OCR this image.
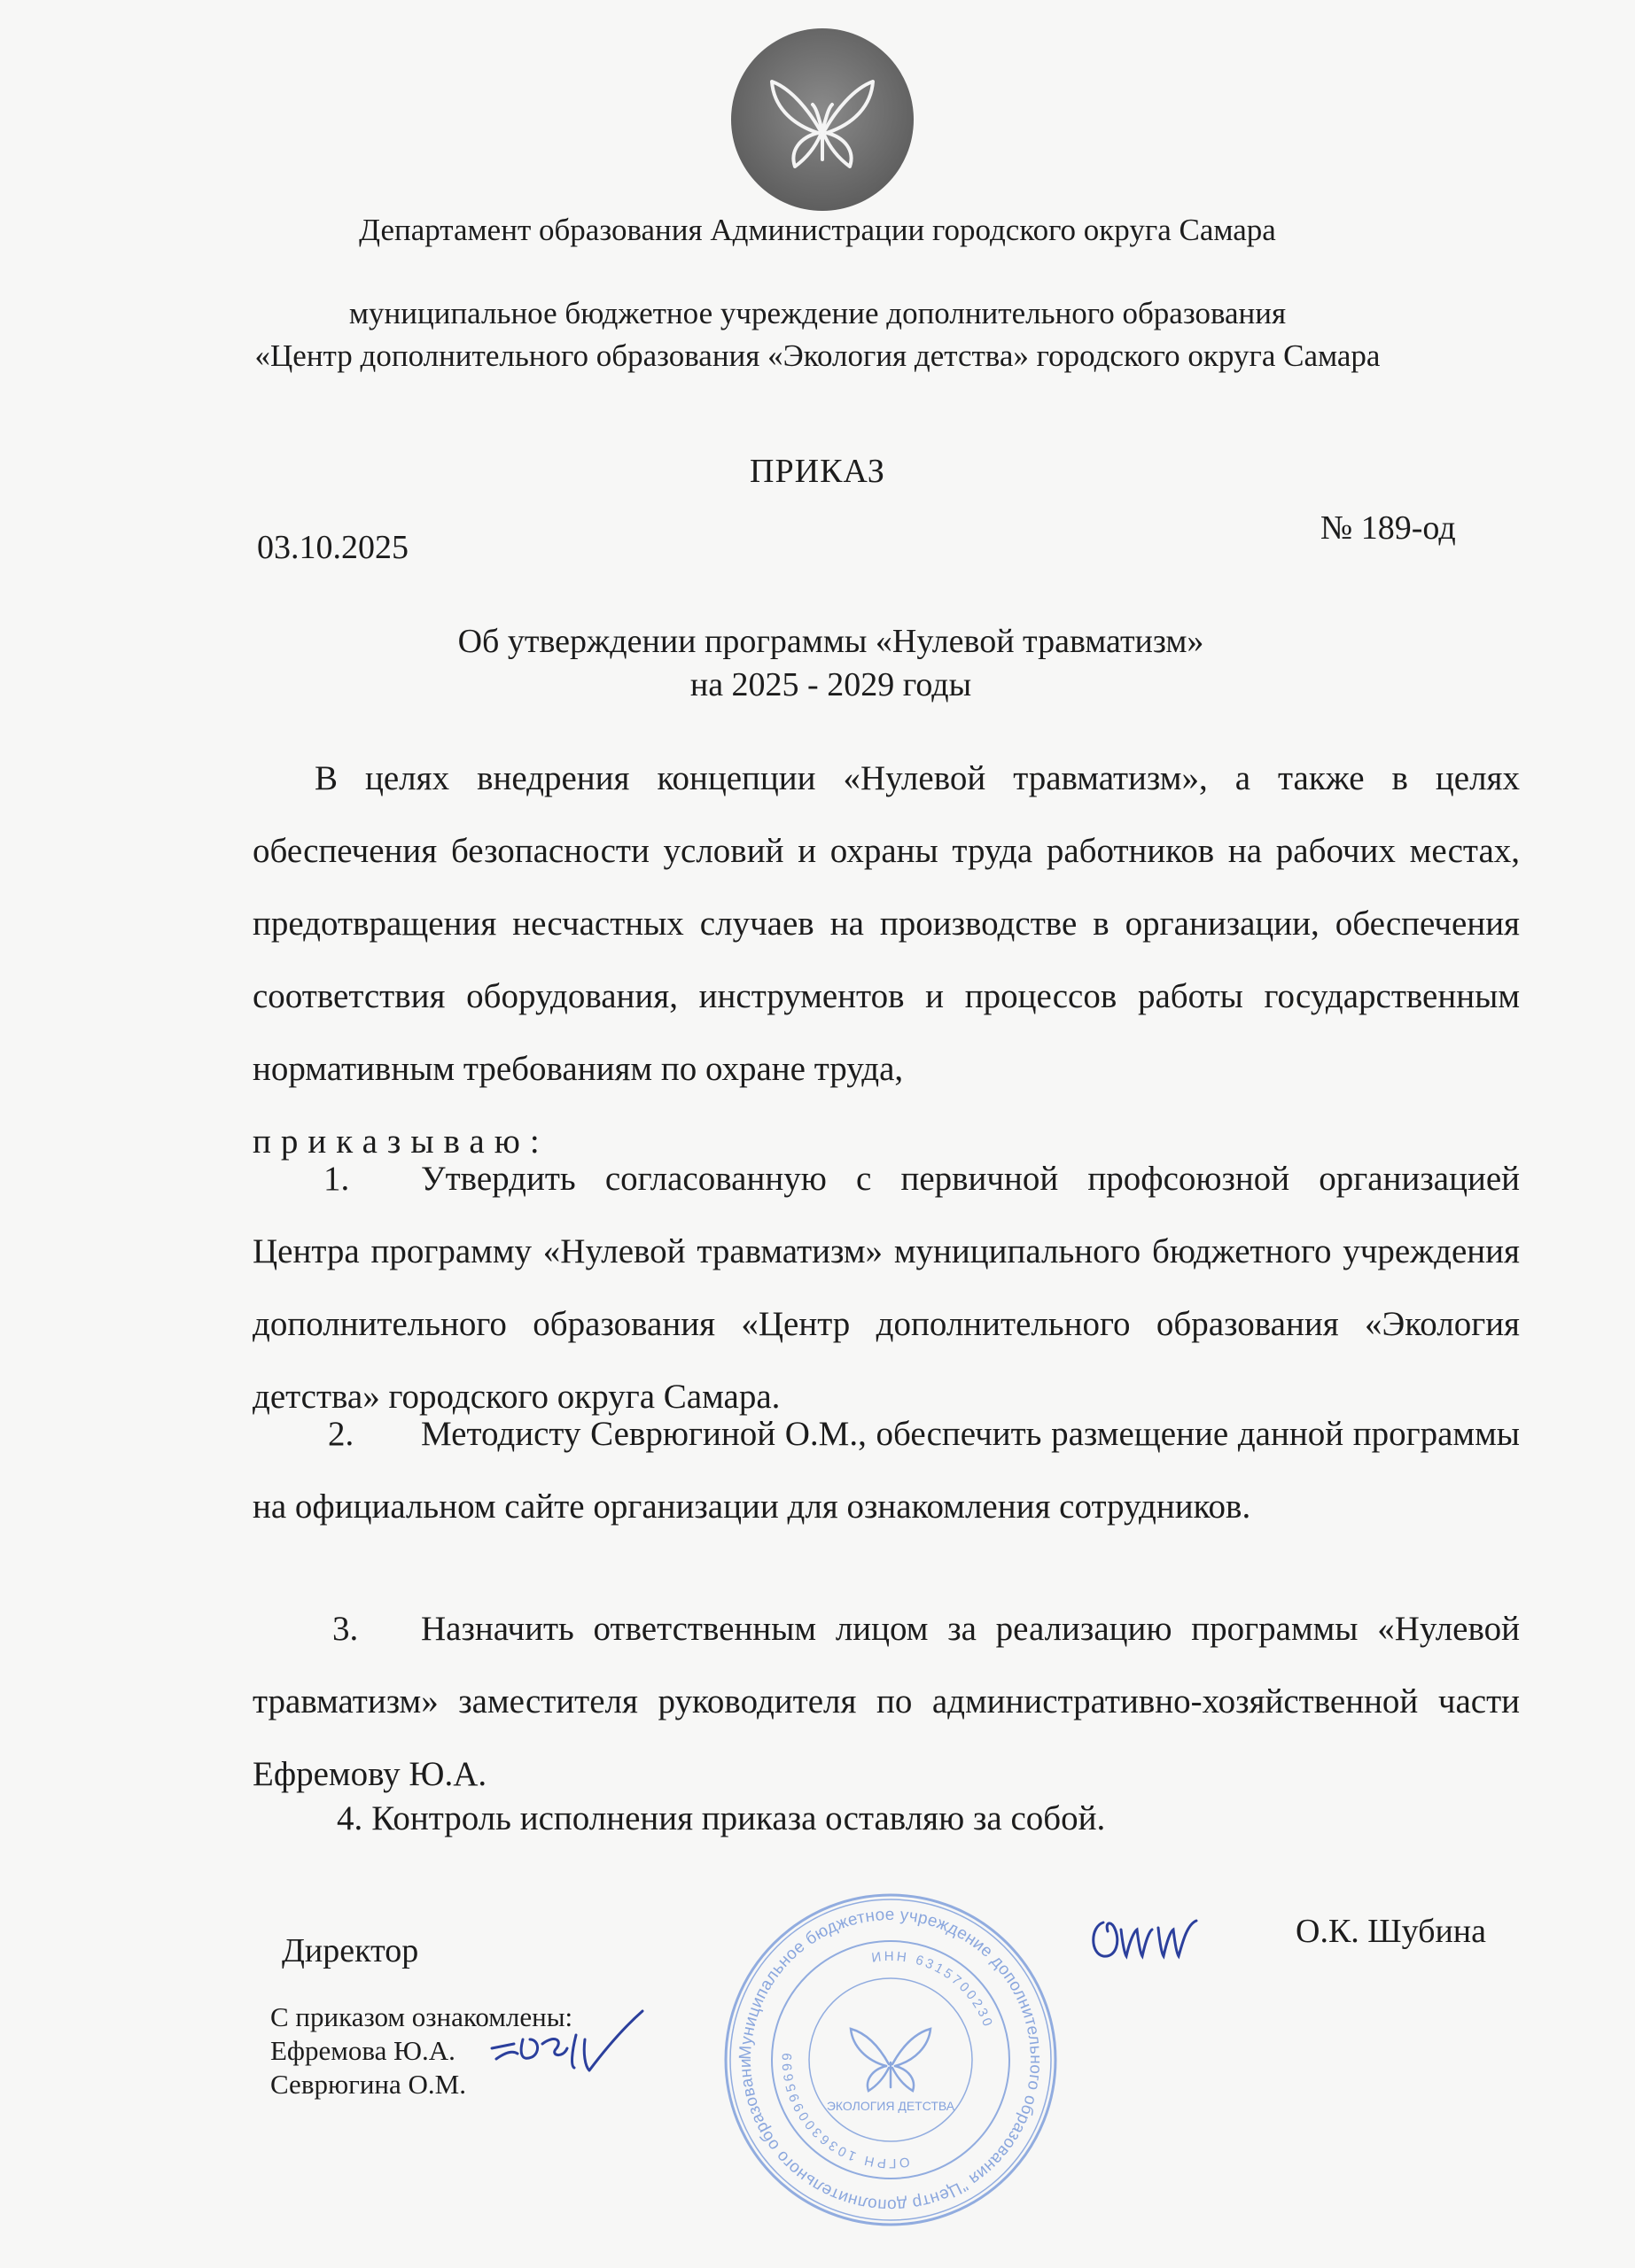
Департамент образования Администрации городского округа Самара
муниципальное бюджетное учреждение дополнительного образования
«Центр дополнительного образования «Экология детства» городского округа Самара
ПРИКАЗ
03.10.2025
№ 189-од
Об утверждении программы «Нулевой травматизм»
на 2025 - 2029 годы
В целях внедрения концепции «Нулевой травматизм», а также в целях обеспечения безопасности условий и охраны труда работников на рабочих местах, предотвращения несчастных случаев на производстве в организации, обеспечения соответствия оборудования, инструментов и процессов работы государственным нормативным требованиям по охране труда,
приказываю:
1. Утвердить согласованную с первичной профсоюзной организацией Центра программу «Нулевой травматизм» муниципального бюджетного учреждения дополнительного образования «Центр дополнительного образования «Экология детства» городского округа Самара.
2. Методисту Севрюгиной О.М., обеспечить размещение данной программы на официальном сайте организации для ознакомления сотрудников.
3. Назначить ответственным лицом за реализацию программы «Нулевой травматизм» заместителя руководителя по административно-хозяйственной части Ефремову Ю.А.
4. Контроль исполнения приказа оставляю за собой.
Директор
О.К. Шубина
С приказом ознакомлены:
Ефремова Ю.А.
Севрюгина О.М.
Муниципальное бюджетное учреждение дополнительного образования "Центр дополнительного образовани
ИНН 6315700230
ОГРН 1036300995699
ЭКОЛОГИЯ ДЕТСТВА
